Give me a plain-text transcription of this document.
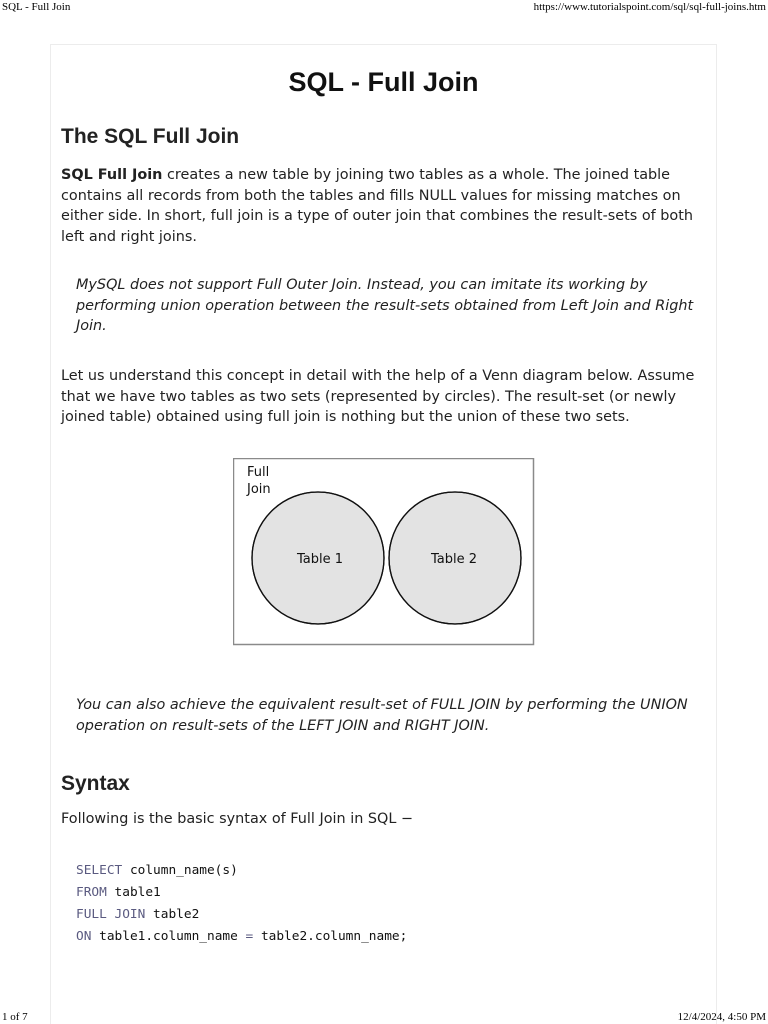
SQL - Full Join	https://www.tutorialspoint.com/sql/sql-full-joins.htm
SQL - Full Join
The SQL Full Join

SQL Full Join creates a new table by joining two tables as a whole. The joined table contains all records from both the tables and fills NULL values for missing matches on either side. In short, full join is a type of outer join that combines the result-sets of both left and right joins.

MySQL does not support Full Outer Join. Instead, you can imitate its working by performing union operation between the result-sets obtained from Left Join and Right Join.

Let us understand this concept in detail with the help of a Venn diagram below. Assume that we have two tables as two sets (represented by circles). The result-set (or newly joined table) obtained using full join is nothing but the union of these two sets.

Full
Join
Table 1	Table 2

You can also achieve the equivalent result-set of FULL JOIN by performing the UNION operation on result-sets of the LEFT JOIN and RIGHT JOIN.

Syntax

Following is the basic syntax of Full Join in SQL −

SELECT column_name(s)
FROM table1
FULL JOIN table2
ON table1.column_name = table2.column_name;
1 of 7	12/4/2024, 4:50 PM
